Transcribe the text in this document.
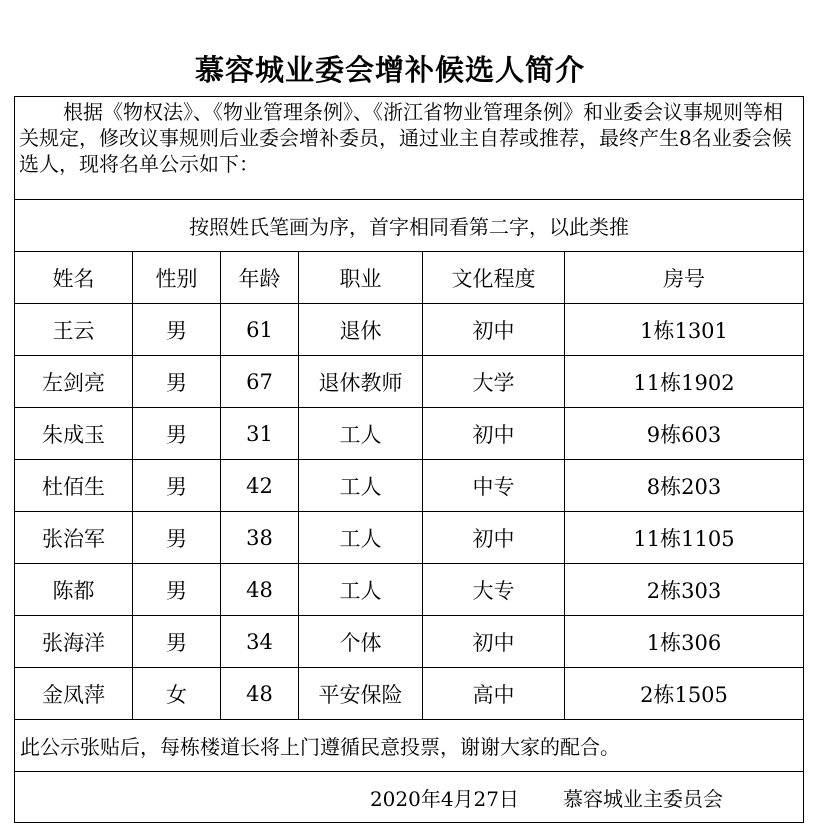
慕容城业委会增补候选人简介
根据《物权法》、《物业管理条例》、《浙江省物业管理条例》和业委会议事规则等相关规定，修改议事规则后业委会增补委员，通过业主自荐或推荐，最终产生8名业委会候选人，现将名单公示如下：					
按照姓氏笔画为序，首字相同看第二字，以此类推					
姓名	性别	年龄	职业	文化程度	房号
王云	男	61	退休	初中	1栋1301
左剑亮	男	67	退休教师	大学	11栋1902
朱成玉	男	31	工人	初中	9栋603
杜佰生	男	42	工人	中专	8栋203
张治军	男	38	工人	初中	11栋1105
陈都	男	48	工人	大专	2栋303
张海洋	男	34	个体	初中	1栋306
金凤萍	女	48	平安保险	高中	2栋1505
此公示张贴后，每栋楼道长将上门遵循民意投票，谢谢大家的配合。					
2020年4月27日 慕容城业主委员会					
